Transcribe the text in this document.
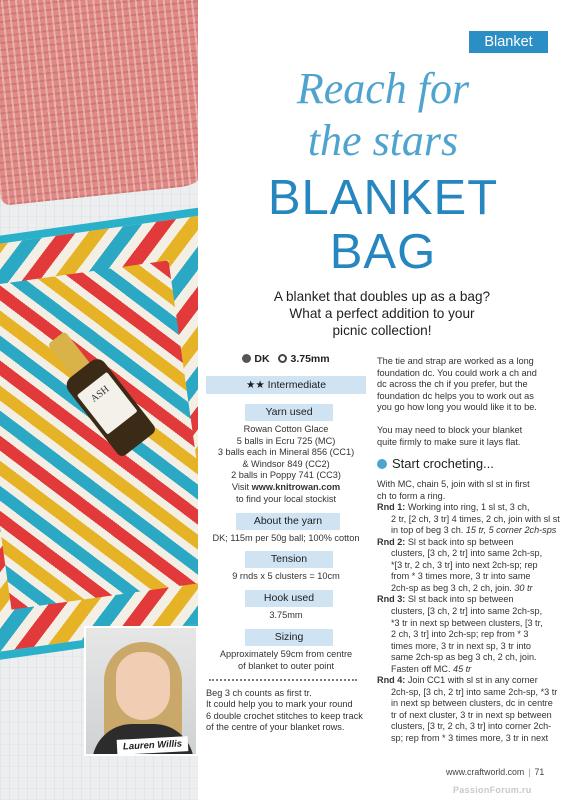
ASH
Lauren Willis
Blanket
Reach for
the stars
BLANKET
BAG
A blanket that doubles up as a bag?
What a perfect addition to your
picnic collection!
DK 3.75mm
★★ Intermediate
Yarn used
Rowan Cotton Glace
5 balls in Ecru 725 (MC)
3 balls each in Mineral 856 (CC1)
& Windsor 849 (CC2)
2 balls in Poppy 741 (CC3)
Visit www.knitrowan.com
to find your local stockist
About the yarn
DK; 115m per 50g ball; 100% cotton
Tension
9 rnds x 5 clusters = 10cm
Hook used
3.75mm
Sizing
Approximately 59cm from centre
of blanket to outer point
Beg 3 ch counts as first tr.
It could help you to mark your round
6 double crochet stitches to keep track
of the centre of your blanket rows.
The tie and strap are worked as a long
foundation dc. You could work a ch and
dc across the ch if you prefer, but the
foundation dc helps you to work out as
you go how long you would like it to be.
You may need to block your blanket
quite firmly to make sure it lays flat.
Start crocheting...
With MC, chain 5, join with sl st in first
ch to form a ring.
Rnd 1: Working into ring, 1 sl st, 3 ch,
2 tr, [2 ch, 3 tr] 4 times, 2 ch, join with sl st
in top of beg 3 ch. 15 tr, 5 corner 2ch-sps
Rnd 2: Sl st back into sp between
clusters, [3 ch, 2 tr] into same 2ch-sp,
*[3 tr, 2 ch, 3 tr] into next 2ch-sp; rep
from * 3 times more, 3 tr into same
2ch-sp as beg 3 ch, 2 ch, join. 30 tr
Rnd 3: Sl st back into sp between
clusters, [3 ch, 2 tr] into same 2ch-sp,
*3 tr in next sp between clusters, [3 tr,
2 ch, 3 tr] into 2ch-sp; rep from * 3
times more, 3 tr in next sp, 3 tr into
same 2ch-sp as beg 3 ch, 2 ch, join.
Fasten off MC. 45 tr
Rnd 4: Join CC1 with sl st in any corner
2ch-sp, [3 ch, 2 tr] into same 2ch-sp, *3 tr
in next sp between clusters, dc in centre
tr of next cluster, 3 tr in next sp between
clusters, [3 tr, 2 ch, 3 tr] into corner 2ch-
sp; rep from * 3 times more, 3 tr in next
www.craftworld.com | 71
PassionForum.ru
